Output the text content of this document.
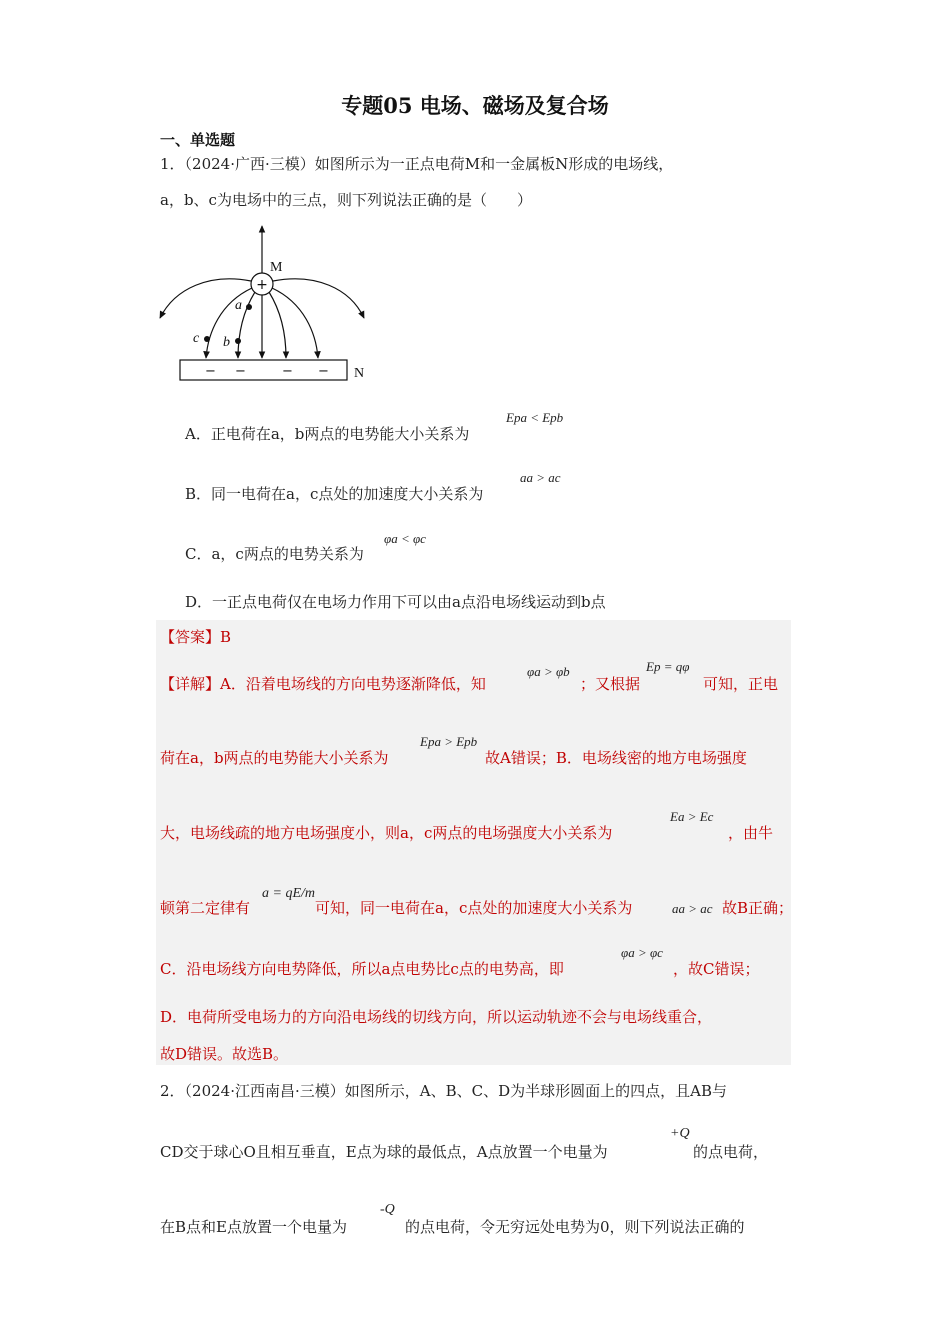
专题05 电场、磁场及复合场
一、单选题
1．（2024·广西·三模）如图所示为一正点电荷M和一金属板N形成的电场线，
a，b、c为电场中的三点，则下列说法正确的是（　　）
+
M
a
b
c
− −	− − N
A．正电荷在a，b两点的电势能大小关系为
Epa < Epb
B．同一电荷在a，c点处的加速度大小关系为
aa > ac
C．a，c两点的电势关系为
φa < φc
D．一正点电荷仅在电场力作用下可以由a点沿电场线运动到b点
【答案】B
【详解】A．沿着电场线的方向电势逐渐降低，知
φa > φb
；又根据
Ep = qφ
可知，正电
荷在a，b两点的电势能大小关系为
Epa > Epb
故A错误；B．电场线密的地方电场强度
大，电场线疏的地方电场强度小，则a，c两点的电场强度大小关系为
Ea > Ec
，由牛
顿第二定律有
a = qE/m
可知，同一电荷在a，c点处的加速度大小关系为	aa > ac 故B正确；
C．沿电场线方向电势降低，所以a点电势比c点的电势高，即
φa > φc
，故C错误；
D．电荷所受电场力的方向沿电场线的切线方向，所以运动轨迹不会与电场线重合，
故D错误。故选B。
2．（2024·江西南昌·三模）如图所示，A、B、C、D为半球形圆面上的四点，且AB与
CD交于球心O且相互垂直，E点为球的最低点，A点放置一个电量为
+Q
的点电荷，
在B点和E点放置一个电量为
-Q
的点电荷，令无穷远处电势为0，则下列说法正确的
